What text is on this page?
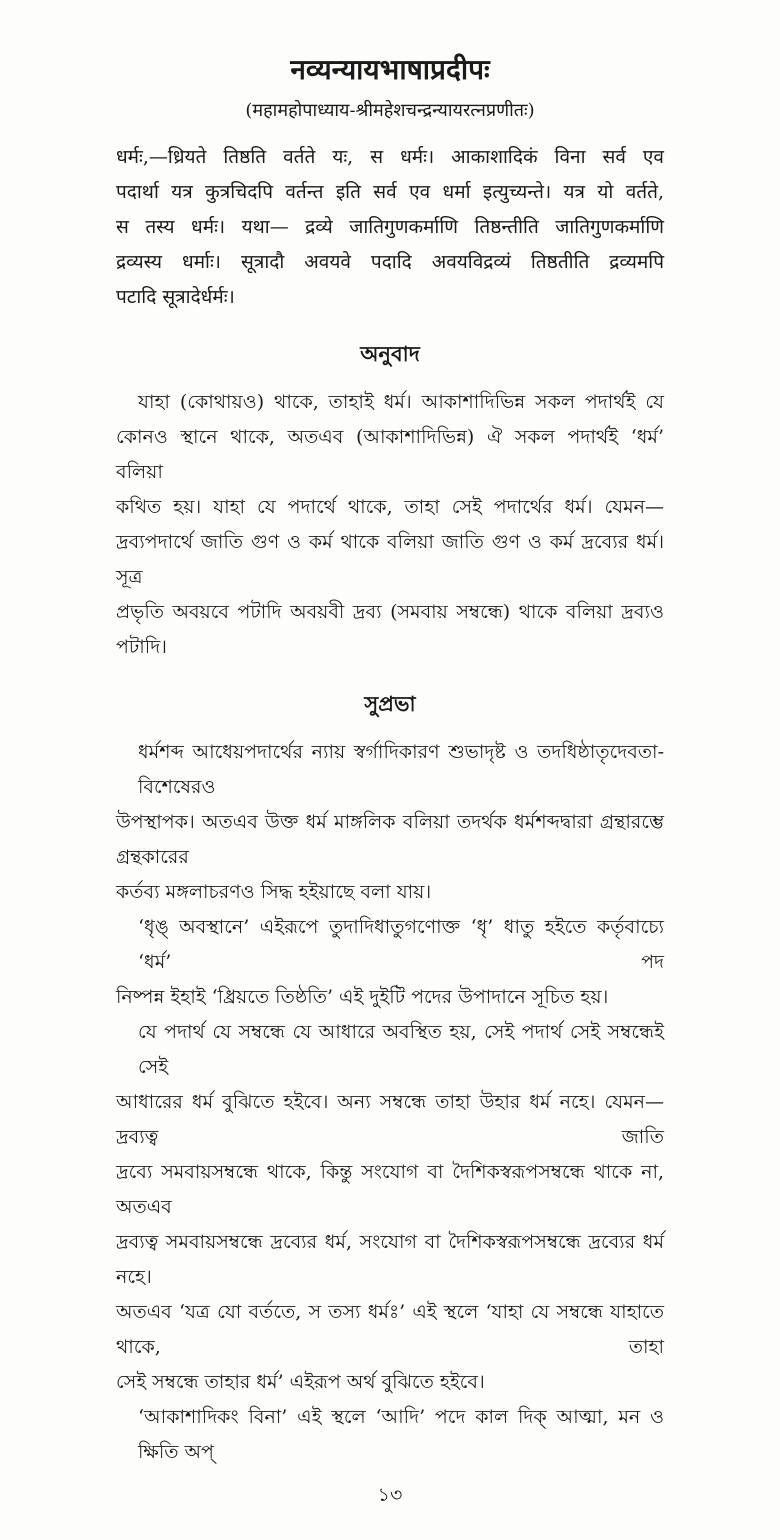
नव्यन्यायभाषाप्रदीपः
(महामहोपाध्याय-श्रीमहेशचन्द्रन्यायरत्नप्रणीतः)
धर्मः,—ध्रियते तिष्ठति वर्तते यः, स धर्मः। आकाशादिकं विना सर्व एव
पदार्था यत्र कुत्रचिदपि वर्तन्त इति सर्व एव धर्मा इत्युच्यन्ते। यत्र यो वर्तते,
स तस्य धर्मः। यथा— द्रव्ये जातिगुणकर्माणि तिष्ठन्तीति जातिगुणकर्माणि
द्रव्यस्य धर्माः। सूत्रादौ अवयवे पदादि अवयविद्रव्यं तिष्ठतीति द्रव्यमपि
पटादि सूत्रादेर्धर्मः।
অনুবাদ
যাহা (কোথায়ও) থাকে, তাহাই ধর্ম। আকাশাদিভিন্ন সকল পদার্থই যে
কোনও স্থানে থাকে, অতএব (আকাশাদিভিন্ন) ঐ সকল পদার্থই ‘ধর্ম’ বলিয়া
কথিত হয়। যাহা যে পদার্থে থাকে, তাহা সেই পদার্থের ধর্ম। যেমন—
দ্রব্যপদার্থে জাতি গুণ ও কর্ম থাকে বলিয়া জাতি গুণ ও কর্ম দ্রব্যের ধর্ম। সূত্র
প্রভৃতি অবয়বে পটাদি অবয়বী দ্রব্য (সমবায় সম্বন্ধে) থাকে বলিয়া দ্রব্যও পটাদি।
সুপ্রভা
ধর্মশব্দ আধেয়পদার্থের ন্যায় স্বর্গাদিকারণ শুভাদৃষ্ট ও তদধিষ্ঠাতৃদেবতা- বিশেষেরও
উপস্থাপক। অতএব উক্ত ধর্ম মাঙ্গলিক বলিয়া তদর্থক ধর্মশব্দদ্বারা গ্রন্থারম্ভে গ্রন্থকারের
কর্তব্য মঙ্গলাচরণও সিদ্ধ হইয়াছে বলা যায়।
‘ধৃঙ্ অবস্থানে’ এইরূপে তুদাদিধাতুগণোক্ত ‘ধৃ’ ধাতু হইতে কর্তৃবাচ্যে ‘ধর্ম’ পদ
নিষ্পন্ন ইহাই ‘ধ্রিয়তে তিষ্ঠতি’ এই দুইটি পদের উপাদানে সূচিত হয়।
যে পদার্থ যে সম্বন্ধে যে আধারে অবস্থিত হয়, সেই পদার্থ সেই সম্বন্ধেই সেই
আধারের ধর্ম বুঝিতে হইবে। অন্য সম্বন্ধে তাহা উহার ধর্ম নহে। যেমন—দ্রব্যত্ব জাতি
দ্রব্যে সমবায়সম্বন্ধে থাকে, কিন্তু সংযোগ বা দৈশিকস্বরূপসম্বন্ধে থাকে না, অতএব
দ্রব্যত্ব সমবায়সম্বন্ধে দ্রব্যের ধর্ম, সংযোগ বা দৈশিকস্বরূপসম্বন্ধে দ্রব্যের ধর্ম নহে।
অতএব ‘যত্র যো বর্ততে, স তস্য ধর্মঃ’ এই স্থলে ‘যাহা যে সম্বন্ধে যাহাতে থাকে, তাহা
সেই সম্বন্ধে তাহার ধর্ম’ এইরূপ অর্থ বুঝিতে হইবে।
‘আকাশাদিকং বিনা’ এই স্থলে ‘আদি’ পদে কাল দিক্ আত্মা, মন ও ক্ষিতি অপ্
১৩
